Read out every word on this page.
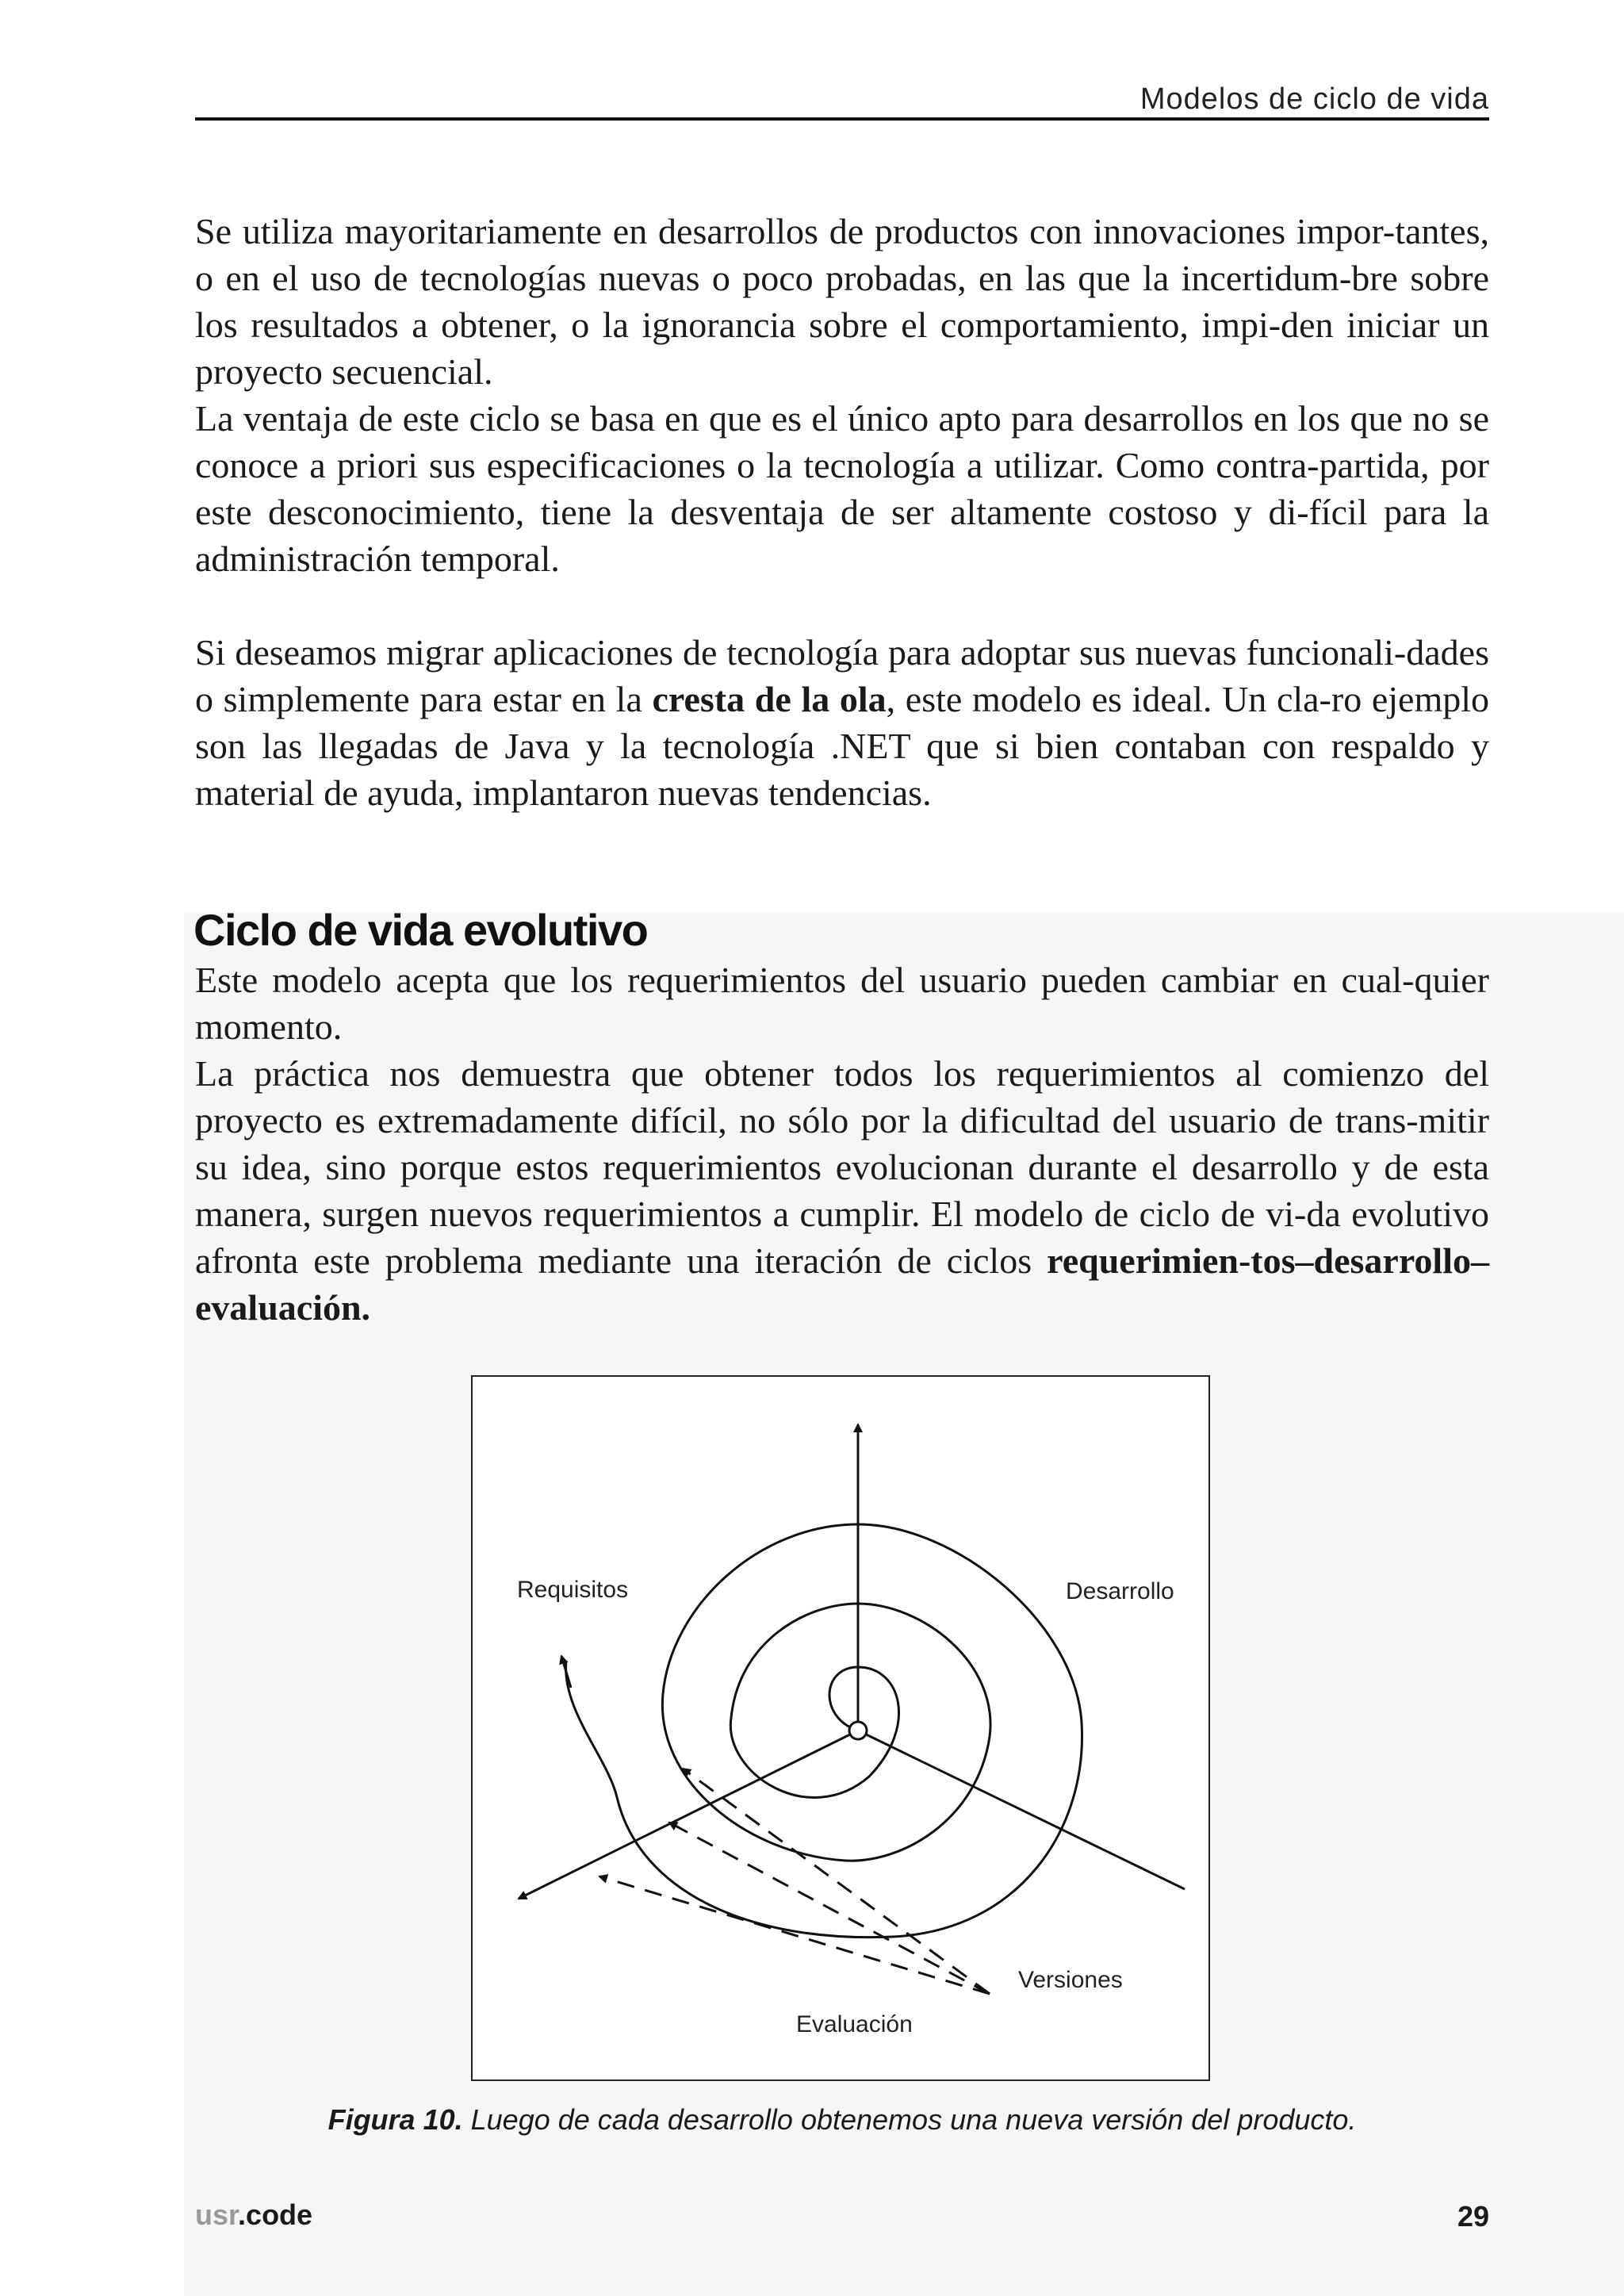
Modelos de ciclo de vida

Se utiliza mayoritariamente en desarrollos de productos con innovaciones impor-tantes, o en el uso de tecnologías nuevas o poco probadas, en las que la incertidum-bre sobre los resultados a obtener, o la ignorancia sobre el comportamiento, impi-den iniciar un proyecto secuencial.

La ventaja de este ciclo se basa en que es el único apto para desarrollos en los que no se conoce a priori sus especificaciones o la tecnología a utilizar. Como contra-partida, por este desconocimiento, tiene la desventaja de ser altamente costoso y di-fícil para la administración temporal.

Si deseamos migrar aplicaciones de tecnología para adoptar sus nuevas funcionali-dades o simplemente para estar en la cresta de la ola, este modelo es ideal. Un cla-ro ejemplo son las llegadas de Java y la tecnología .NET que si bien contaban con respaldo y material de ayuda, implantaron nuevas tendencias.

Ciclo de vida evolutivo

Este modelo acepta que los requerimientos del usuario pueden cambiar en cual-quier momento.

La práctica nos demuestra que obtener todos los requerimientos al comienzo del proyecto es extremadamente difícil, no sólo por la dificultad del usuario de trans-mitir su idea, sino porque estos requerimientos evolucionan durante el desarrollo y de esta manera, surgen nuevos requerimientos a cumplir. El modelo de ciclo de vi-da evolutivo afronta este problema mediante una iteración de ciclos requerimien-tos–desarrollo–evaluación.

Requisitos	Desarrollo
Evaluación
Versiones
Figura 10. Luego de cada desarrollo obtenemos una nueva versión del producto.
usr.code	29
